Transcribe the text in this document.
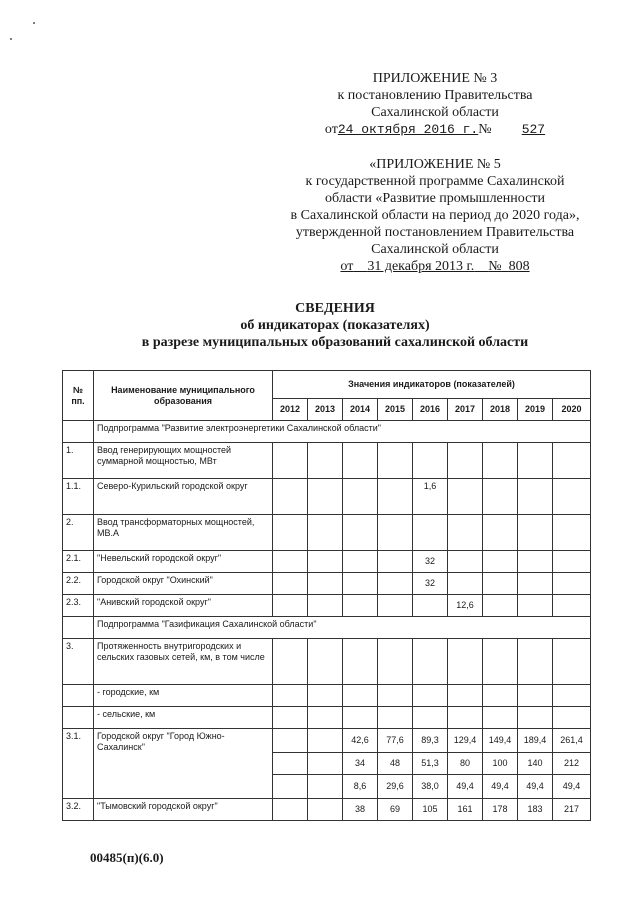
ПРИЛОЖЕНИЕ № 3
к постановлению Правительства
Сахалинской области
от24 октября 2016 г.№ 527
«ПРИЛОЖЕНИЕ № 5
к государственной программе Сахалинской
области «Развитие промышленности
в Сахалинской области на период до 2020 года»,
утвержденной постановлением Правительства
Сахалинской области
от 31 декабря 2013 г. № 808
СВЕДЕНИЯ
об индикаторах (показателях)
в разрезе муниципальных образований сахалинской области
№ пп.	Наименование муниципального образования	Значения индикаторов (показателей)								
		2012	2013	2014	2015	2016	2017	2018	2019	2020
	Подпрограмма "Развитие электроэнергетики Сахалинской области"									
1.	Ввод генерирующих мощностей суммарной мощностью, МВт									
1.1.	Северо-Курильский городской округ					1,6				
2.	Ввод трансформаторных мощностей, МВ.А									
2.1.	"Невельский городской округ"					32				
2.2.	Городской округ "Охинский"					32				
2.3.	"Анивский городской округ"						12,6			
	Подпрограмма "Газификация Сахалинской области"									
3.	Протяженность внутригородских и сельских газовых сетей, км, в том числе									
	- городские, км									
	- сельские, км									
3.1.	Городской округ "Город Южно-Сахалинск"			42,6	77,6	89,3	129,4	149,4	189,4	261,4
				34	48	51,3	80	100	140	212
				8,6	29,6	38,0	49,4	49,4	49,4	49,4
3.2.	"Тымовский городской округ"			38	69	105	161	178	183	217
00485(п)(6.0)
